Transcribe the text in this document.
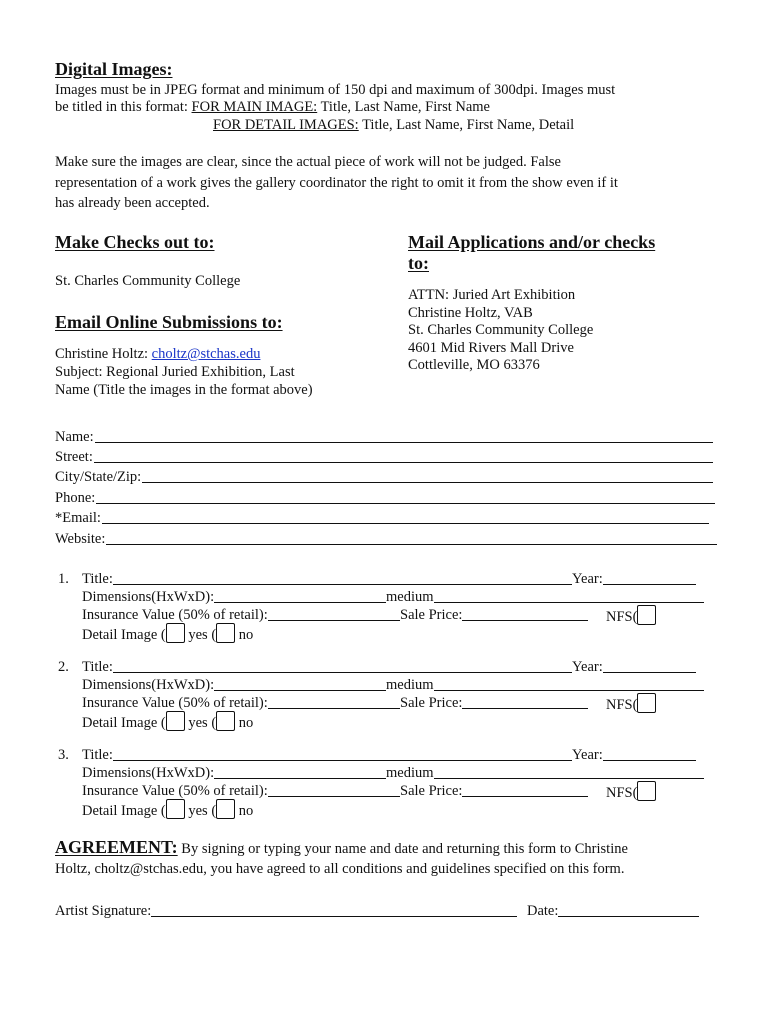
Digital Images:
Images must be in JPEG format and minimum of 150 dpi and maximum of 300dpi. Images must
be titled in this format: FOR MAIN IMAGE: Title, Last Name, First Name
FOR DETAIL IMAGES: Title, Last Name, First Name, Detail
Make sure the images are clear, since the actual piece of work will not be judged. False
representation of a work gives the gallery coordinator the right to omit it from the show even if it
has already been accepted.
Make Checks out to:
St. Charles Community College
Email Online Submissions to:
Christine Holtz: choltz@stchas.edu
Subject: Regional Juried Exhibition, Last
Name (Title the images in the format above)
Mail Applications and/or checks
to:
ATTN: Juried Art Exhibition
Christine Holtz, VAB
St. Charles Community College
4601 Mid Rivers Mall Drive
Cottleville, MO 63376
Name:
Street:
City/State/Zip:
Phone:
*Email:
Website:
1. Title:	Year:
Dimensions(HxWxD):	medium
Insurance Value (50% of retail):	Sale Price:	NFS(
Detail Image ( yes ( no
2. Title:	Year:
Dimensions(HxWxD):	medium
Insurance Value (50% of retail):	Sale Price:	NFS(
Detail Image ( yes ( no
3. Title:	Year:
Dimensions(HxWxD):	medium
Insurance Value (50% of retail):	Sale Price:	NFS(
Detail Image ( yes ( no
AGREEMENT: By signing or typing your name and date and returning this form to Christine
Holtz, choltz@stchas.edu, you have agreed to all conditions and guidelines specified on this form.
Artist Signature:	Date:
